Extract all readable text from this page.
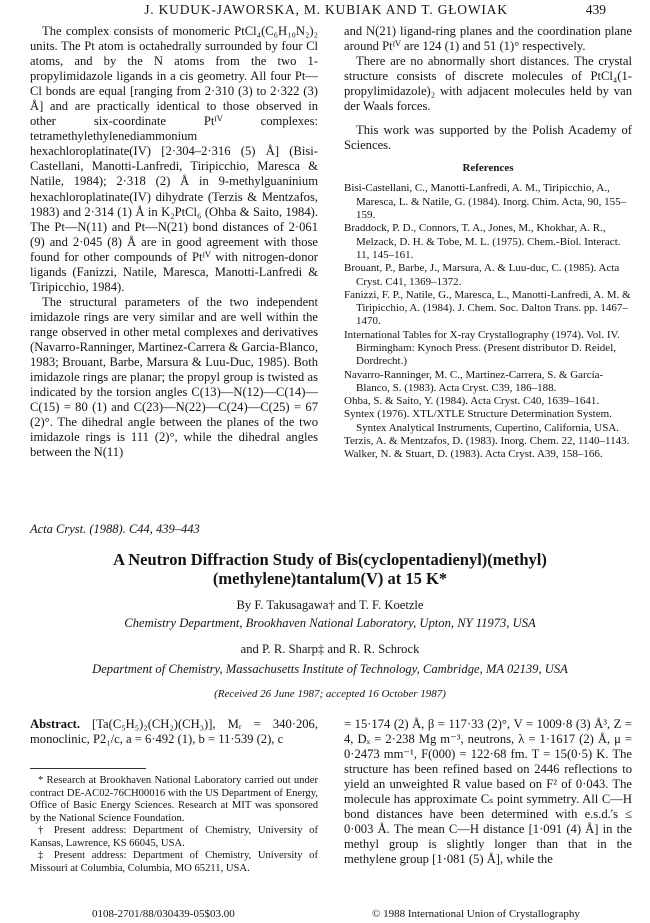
J. KUDUK-JAWORSKA, M. KUBIAK AND T. GŁOWIAK	439

The complex consists of monomeric PtCl₄(C₆H₁₀N₂)₂ units. The Pt atom is octahedrally surrounded by four Cl atoms, and by the N atoms from the two 1-propylimidazole ligands in a cis geometry. All four Pt—Cl bonds are equal [ranging from 2·310 (3) to 2·322 (3) Å] and are practically identical to those observed in other six-coordinate Ptᴵⱽ complexes: tetramethylethylenediammonium hexachloroplatinate(IV) [2·304–2·316 (5) Å] (Bisi-Castellani, Manotti-Lanfredi, Tiripicchio, Maresca & Natile, 1984); 2·318 (2) Å in 9-methylguaninium hexachloroplatinate(IV) dihydrate (Terzis & Mentzafos, 1983) and 2·314 (1) Å in K₂PtCl₆ (Ohba & Saito, 1984). The Pt—N(11) and Pt—N(21) bond distances of 2·061 (9) and 2·045 (8) Å are in good agreement with those found for other compounds of Ptᴵⱽ with nitrogen-donor ligands (Fanizzi, Natile, Maresca, Manotti-Lanfredi & Tiripicchio, 1984).

The structural parameters of the two independent imidazole rings are very similar and are well within the range observed in other metal complexes and derivatives (Navarro-Ranninger, Martinez-Carrera & Garcia-Blanco, 1983; Brouant, Barbe, Marsura & Luu-Duc, 1985). Both imidazole rings are planar; the propyl group is twisted as indicated by the torsion angles C(13)—N(12)—C(14)—C(15) = 80 (1) and C(23)—N(22)—C(24)—C(25) = 67 (2)°. The dihedral angle between the planes of the two imidazole rings is 111 (2)°, while the dihedral angles between the N(11)

and N(21) ligand-ring planes and the coordination plane around Ptᴵⱽ are 124 (1) and 51 (1)° respectively.

There are no abnormally short distances. The crystal structure consists of discrete molecules of PtCl₄(1-propylimidazole)₂ with adjacent molecules held by van der Waals forces.

This work was supported by the Polish Academy of Sciences.

References
Bisi-Castellani, C., Manotti-Lanfredi, A. M., Tiripicchio, A., Maresca, L. & Natile, G. (1984). Inorg. Chim. Acta, 90, 155–159.
Braddock, P. D., Connors, T. A., Jones, M., Khokhar, A. R., Melzack, D. H. & Tobe, M. L. (1975). Chem.-Biol. Interact. 11, 145–161.
Brouant, P., Barbe, J., Marsura, A. & Luu-duc, C. (1985). Acta Cryst. C41, 1369–1372.
Fanizzi, F. P., Natile, G., Maresca, L., Manotti-Lanfredi, A. M. & Tiripicchio, A. (1984). J. Chem. Soc. Dalton Trans. pp. 1467–1470.
International Tables for X-ray Crystallography (1974). Vol. IV. Birmingham: Kynoch Press. (Present distributor D. Reidel, Dordrecht.)
Navarro-Ranninger, M. C., Martinez-Carrera, S. & García-Blanco, S. (1983). Acta Cryst. C39, 186–188.
Ohba, S. & Saito, Y. (1984). Acta Cryst. C40, 1639–1641.
Syntex (1976). XTL/XTLE Structure Determination System. Syntex Analytical Instruments, Cupertino, California, USA.
Terzis, A. & Mentzafos, D. (1983). Inorg. Chem. 22, 1140–1143.
Walker, N. & Stuart, D. (1983). Acta Cryst. A39, 158–166.
Acta Cryst. (1988). C44, 439–443
A Neutron Diffraction Study of Bis(cyclopentadienyl)(methyl)(methylene)tantalum(V) at 15 K*
By F. Takusagawa† and T. F. Koetzle
Chemistry Department, Brookhaven National Laboratory, Upton, NY 11973, USA
and P. R. Sharp‡ and R. R. Schrock
Department of Chemistry, Massachusetts Institute of Technology, Cambridge, MA 02139, USA
(Received 26 June 1987; accepted 16 October 1987)
Abstract. [Ta(C₅H₅)₂(CH₂)(CH₃)], Mᵣ = 340·206, monoclinic, P2₁/c, a = 6·492 (1), b = 11·539 (2), c
= 15·174 (2) Å, β = 117·33 (2)°, V = 1009·8 (3) Å³, Z = 4, Dₓ = 2·238 Mg m⁻³, neutrons, λ = 1·1617 (2) Å, μ = 0·2473 mm⁻¹, F(000) = 122·68 fm. T = 15(0·5) K. The structure has been refined based on 2446 reflections to yield an unweighted R value based on F² of 0·043. The molecule has approximate Cₛ point symmetry. All C—H bond distances have been determined with e.s.d.'s ≤ 0·003 Å. The mean C—H distance [1·091 (4) Å] in the methyl group is slightly longer than that in the methylene group [1·081 (5) Å], while the
* Research at Brookhaven National Laboratory carried out under contract DE-AC02-76CH00016 with the US Department of Energy, Office of Basic Energy Sciences. Research at MIT was sponsored by the National Science Foundation.
† Present address: Department of Chemistry, University of Kansas, Lawrence, KS 66045, USA.
‡ Present address: Department of Chemistry, University of Missouri at Columbia, Columbia, MO 65211, USA.
0108-2701/88/030439-05$03.00	© 1988 International Union of Crystallography
